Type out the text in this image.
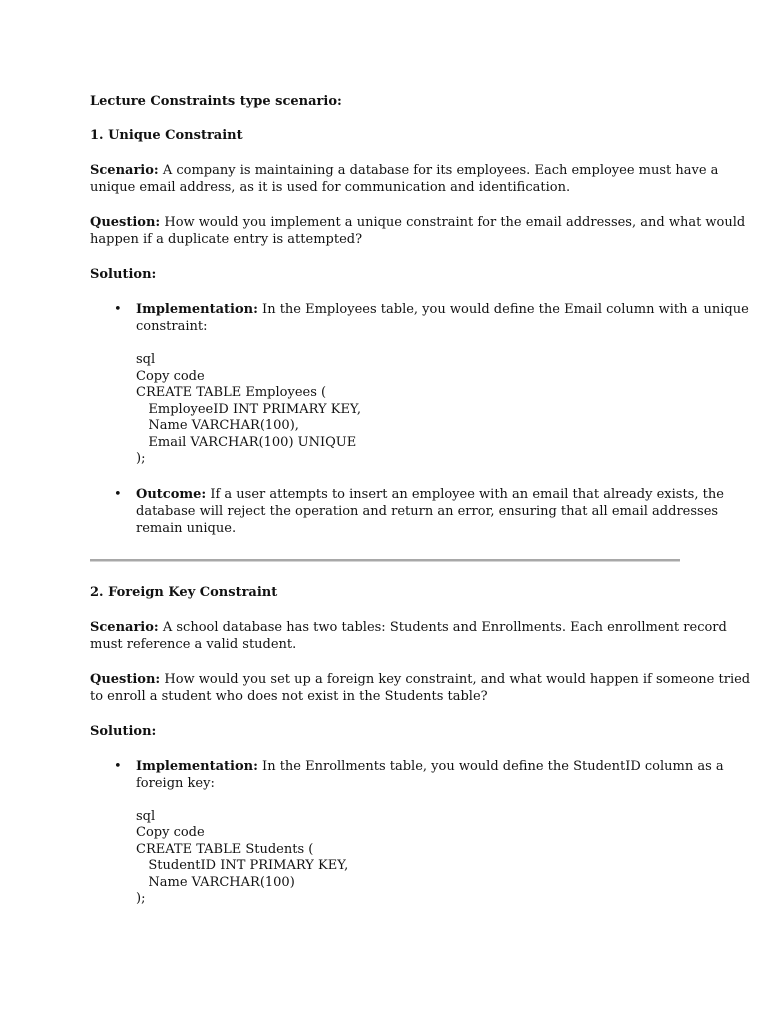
Lecture Constraints type scenario:
1. Unique Constraint
Scenario: A company is maintaining a database for its employees. Each employee must have a
unique email address, as it is used for communication and identification.
Question: How would you implement a unique constraint for the email addresses, and what would
happen if a duplicate entry is attempted?
Solution:
• Implementation: In the Employees table, you would define the Email column with a unique
constraint:
sql
Copy code
CREATE TABLE Employees (
EmployeeID INT PRIMARY KEY,
Name VARCHAR(100),
Email VARCHAR(100) UNIQUE
);
• Outcome: If a user attempts to insert an employee with an email that already exists, the
database will reject the operation and return an error, ensuring that all email addresses
remain unique.
2. Foreign Key Constraint
Scenario: A school database has two tables: Students and Enrollments. Each enrollment record
must reference a valid student.
Question: How would you set up a foreign key constraint, and what would happen if someone tried
to enroll a student who does not exist in the Students table?
Solution:
• Implementation: In the Enrollments table, you would define the StudentID column as a
foreign key:
sql
Copy code
CREATE TABLE Students (
StudentID INT PRIMARY KEY,
Name VARCHAR(100)
);
